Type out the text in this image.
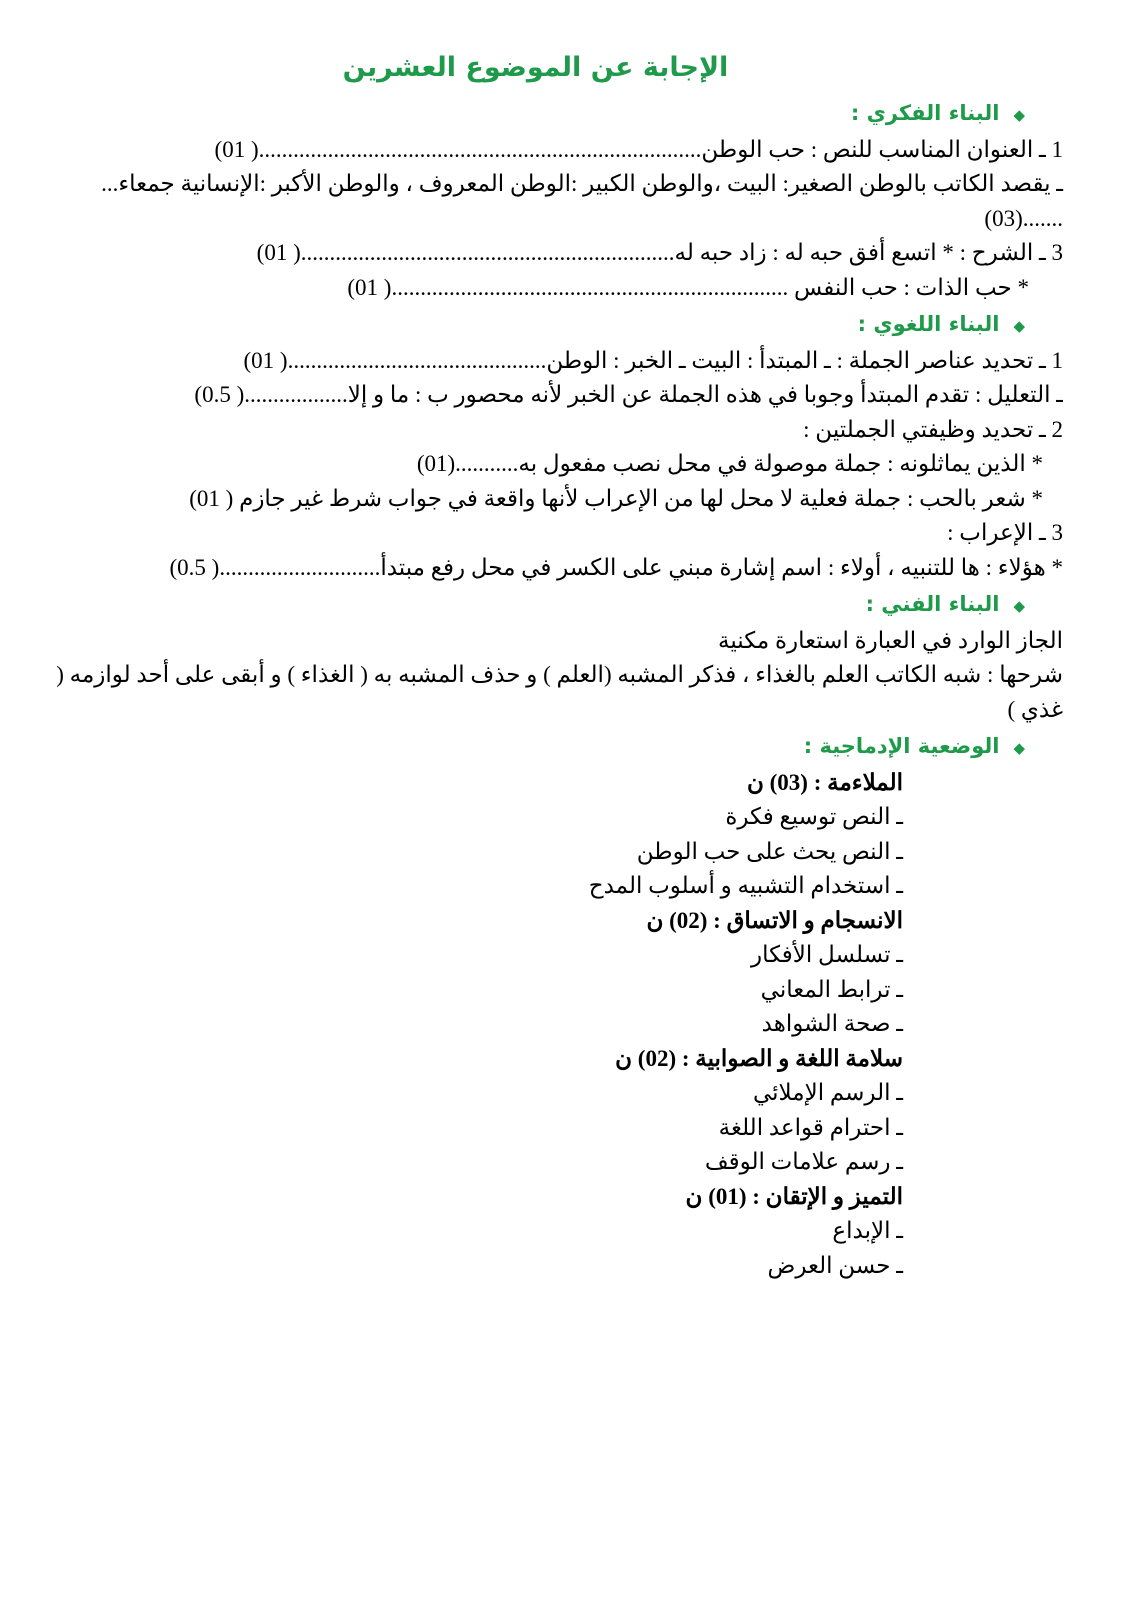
الإجابة عن الموضوع العشرين
◆البناء الفكري :
1 ـ العنوان المناسب للنص : حب الوطن.............................................................................( 01)
ـ يقصد الكاتب بالوطن الصغير: البيت ،والوطن الكبير :الوطن المعروف ، والوطن الأكبر :الإنسانية جمعاء... .......(03)
3 ـ الشرح : * اتسع أفق حبه له : زاد حبه له.................................................................( 01)
* حب الذات : حب النفس .....................................................................( 01)
◆البناء اللغوي :
1 ـ تحديد عناصر الجملة : ـ المبتدأ : البيت ـ الخبر : الوطن.............................................( 01)
ـ التعليل : تقدم المبتدأ وجوبا في هذه الجملة عن الخبر لأنه محصور ب : ما و إلا..................( 0.5)
2 ـ تحديد وظيفتي الجملتين :
* الذين يماثلونه : جملة موصولة في محل نصب مفعول به...........(01)
* شعر بالحب : جملة فعلية لا محل لها من الإعراب لأنها واقعة في جواب شرط غير جازم ( 01)
3 ـ الإعراب :
* هؤلاء : ها للتنبيه ، أولاء : اسم إشارة مبني على الكسر في محل رفع مبتدأ............................( 0.5)
◆البناء الفني :
الجاز الوارد في العبارة استعارة مكنية
شرحها : شبه الكاتب العلم بالغذاء ، فذكر المشبه (العلم ) و حذف المشبه به ( الغذاء ) و أبقى على أحد لوازمه ( غذي )
◆الوضعية الإدماجية :
الملاءمة : (03) ن
ـ النص توسيع فكرة
ـ النص يحث على حب الوطن
ـ استخدام التشبيه و أسلوب المدح
الانسجام و الاتساق : (02) ن
ـ تسلسل الأفكار
ـ ترابط المعاني
ـ صحة الشواهد
سلامة اللغة و الصوابية : (02) ن
ـ الرسم الإملائي
ـ احترام قواعد اللغة
ـ رسم علامات الوقف
التميز و الإتقان : (01) ن
ـ الإبداع
ـ حسن العرض
